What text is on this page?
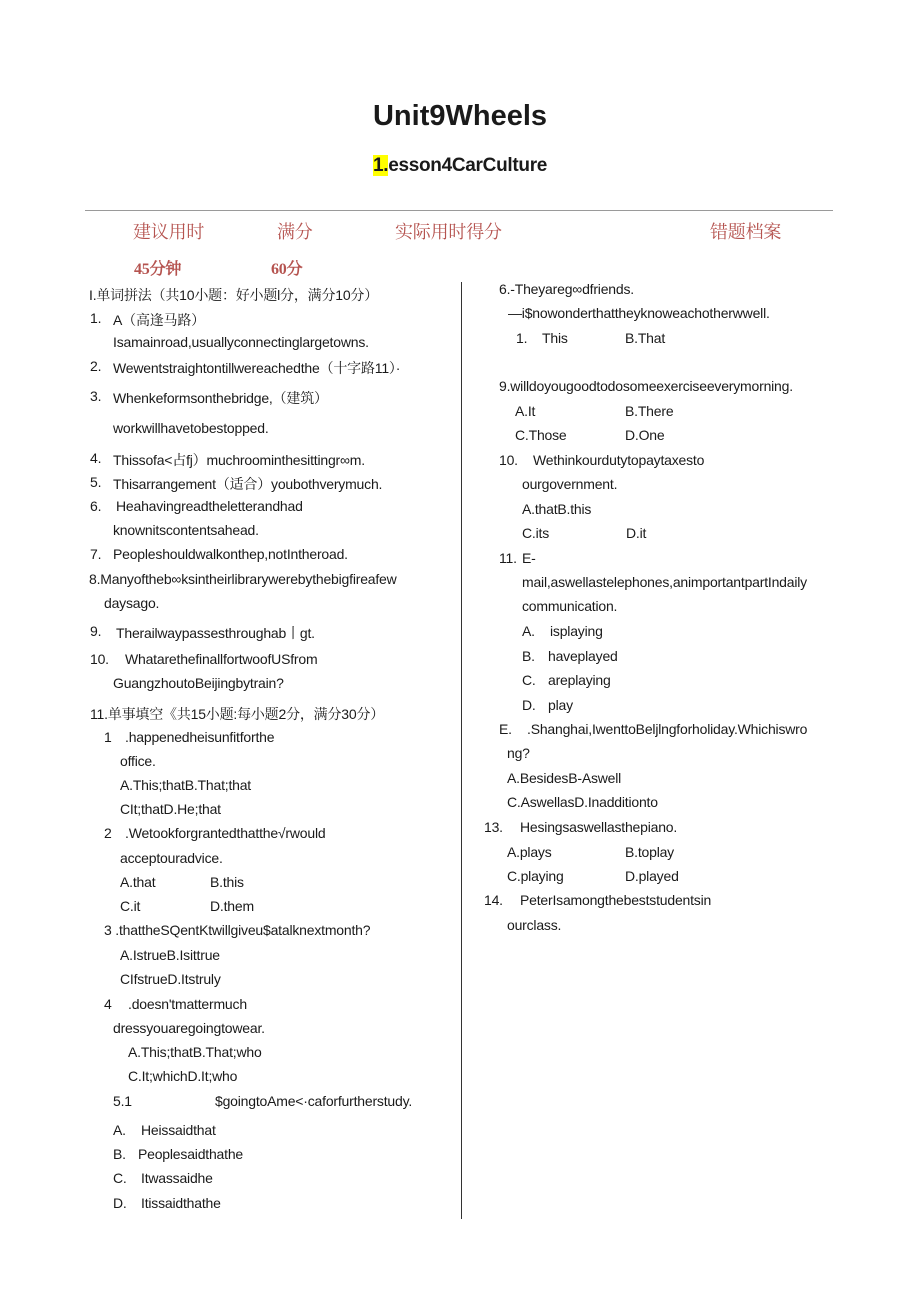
Unit9Wheels
1.esson4CarCulture
建议用时	满分	实际用时得分	错题档案
45分钟	60分
I.单词拼法（共10小题：好小题l分，满分10分）
1. A（高逢马路）
Isamainroad,usuallyconnectinglargetowns.
2. Wewentstraightontillwereachedthe（十字路11）·
3. Whenkeformsonthebridge,（建筑）
workwillhavetobestopped.
4. Thissofa<占fj）muchroominthesittingr∞m.
5. Thisarrangement（适合）youbothverymuch.
6. Heahavingreadtheletterandhad
knownitscontentsahead.
7. Peopleshouldwalkonthep,notIntheroad.
8.Manyoftheb∞ksintheirlibrarywerebythebigfireafew
daysago.
9. Therailwaypassesthroughab丨gt.
10. WhatarethefinallfortwoofUSfrom
GuangzhoutoBeijingbytrain?
11.单事填空《共15小题:每小题2分，满分30分）
1 .happenedheisunfitforthe
office.
A.This;thatB.That;that
CIt;thatD.He;that
2 .Wetookforgrantedthatthe√rwould
acceptouradvice.
A.that	B.this
C.it	D.them
3 .thattheSQentKtwillgiveu$atalknextmonth?
A.IstrueB.Isittrue
CIfstrueD.Itstruly
4 .doesn'tmattermuch
dressyouaregoingtowear.
A.This;thatB.That;who
C.It;whichD.It;who
5.1	$goingtoAme<·caforfurtherstudy.
A. Heissaidthat
B. Peoplesaidthathe
C. Itwassaidhe
D. Itissaidthathe
6.-Theyareg∞dfriends.
—i$nowonderthattheyknoweachotherwwell.
1. This	B.That
9.willdoyougoodtodosomeexerciseeverymorning.
A.It	B.There
C.Those	D.One
10. Wethinkourdutytopaytaxesto
ourgovernment.
A.thatB.this
C.its	D.it
11. E-
mail,aswellastelephones,animportantpartIndaily
communication.
A. isplaying
B. haveplayed
C. areplaying
D. play
E. .Shanghai,IwenttoBeljlngforholiday.Whichiswro
ng?
A.BesidesB-Aswell
C.AswellasD.Inadditionto
13. Hesingsaswellasthepiano.
A.plays	B.toplay
C.playing	D.played
14. PeterIsamongthebeststudentsin
ourclass.
